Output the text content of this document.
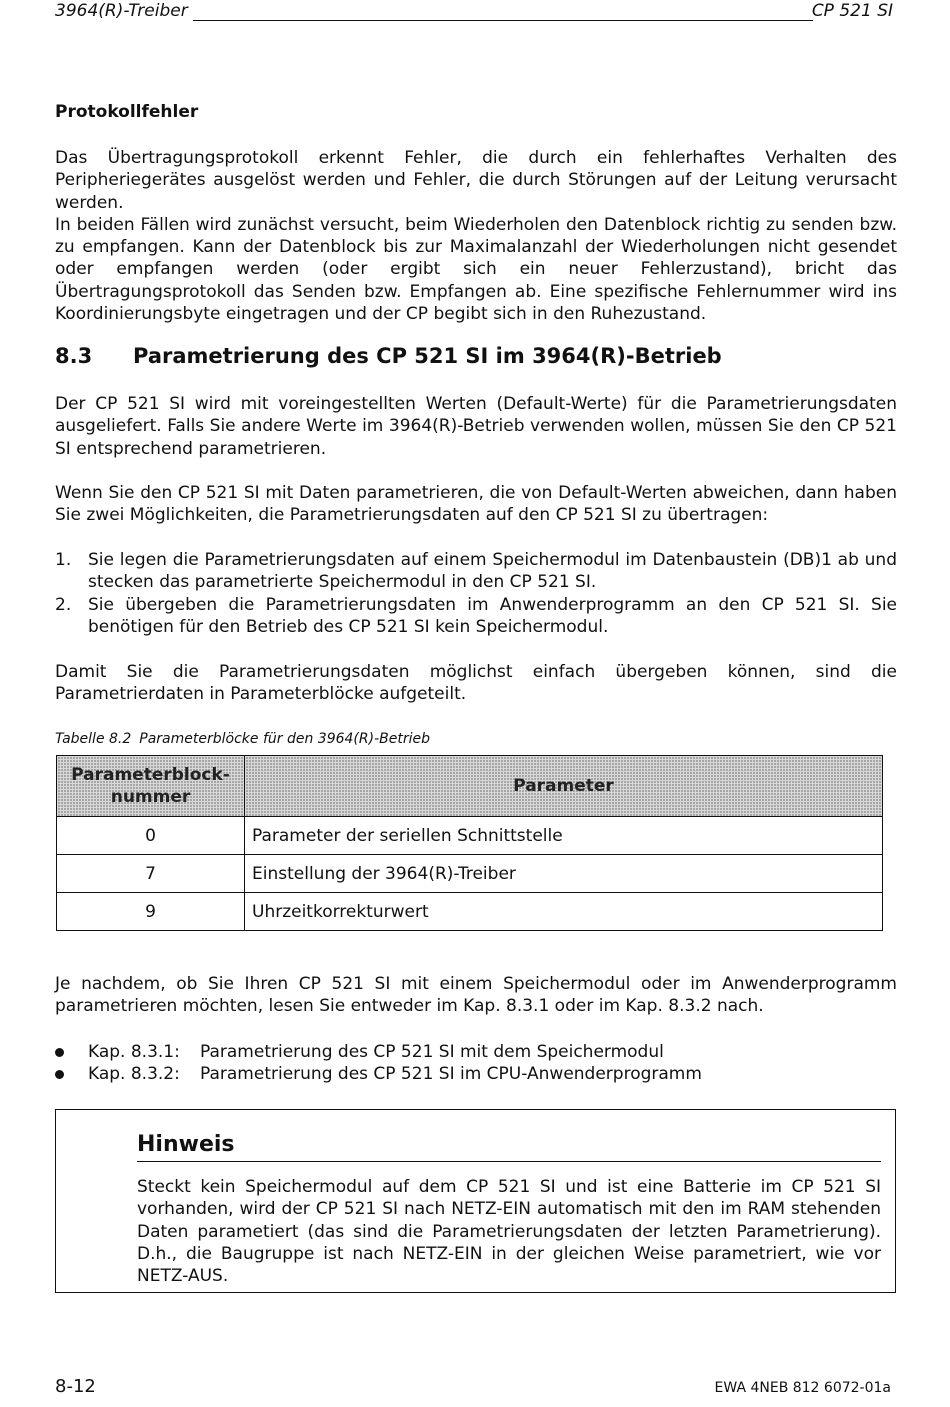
3964(R)-Treiber	CP 521 SI
Protokollfehler

Das Übertragungsprotokoll erkennt Fehler, die durch ein fehlerhaftes Verhalten des Peripheriegerätes ausgelöst werden und Fehler, die durch Störungen auf der Leitung verursacht werden.
In beiden Fällen wird zunächst versucht, beim Wiederholen den Datenblock richtig zu senden bzw. zu empfangen. Kann der Datenblock bis zur Maximalanzahl der Wiederholungen nicht gesendet oder empfangen werden (oder ergibt sich ein neuer Fehlerzustand), bricht das Übertragungsprotokoll das Senden bzw. Empfangen ab. Eine spezifische Fehlernummer wird ins Koordinierungsbyte eingetragen und der CP begibt sich in den Ruhezustand.

8.3 Parametrierung des CP 521 SI im 3964(R)-Betrieb

Der CP 521 SI wird mit voreingestellten Werten (Default-Werte) für die Parametrierungsdaten ausgeliefert. Falls Sie andere Werte im 3964(R)-Betrieb verwenden wollen, müssen Sie den CP 521 SI entsprechend parametrieren.

Wenn Sie den CP 521 SI mit Daten parametrieren, die von Default-Werten abweichen, dann haben Sie zwei Möglichkeiten, die Parametrierungsdaten auf den CP 521 SI zu übertragen:

1. Sie legen die Parametrierungsdaten auf einem Speichermodul im Datenbaustein (DB)1 ab und stecken das parametrierte Speichermodul in den CP 521 SI.
2. Sie übergeben die Parametrierungsdaten im Anwenderprogramm an den CP 521 SI. Sie benötigen für den Betrieb des CP 521 SI kein Speichermodul.

Damit Sie die Parametrierungsdaten möglichst einfach übergeben können, sind die Parametrierdaten in Parameterblöcke aufgeteilt.

Tabelle 8.2 Parameterblöcke für den 3964(R)-Betrieb
Parameterblock-
nummer	Parameter
0	Parameter der seriellen Schnittstelle
7	Einstellung der 3964(R)-Treiber
9	Uhrzeitkorrekturwert

Je nachdem, ob Sie Ihren CP 521 SI mit einem Speichermodul oder im Anwenderprogramm parametrieren möchten, lesen Sie entweder im Kap. 8.3.1 oder im Kap. 8.3.2 nach.

Kap. 8.3.1: Parametrierung des CP 521 SI mit dem Speichermodul
Kap. 8.3.2: Parametrierung des CP 521 SI im CPU-Anwenderprogramm
Hinweis

Steckt kein Speichermodul auf dem CP 521 SI und ist eine Batterie im CP 521 SI vorhanden, wird der CP 521 SI nach NETZ-EIN automatisch mit den im RAM stehenden Daten parametiert (das sind die Parametrierungsdaten der letzten Parametrierung). D.h., die Baugruppe ist nach NETZ-EIN in der gleichen Weise parametriert, wie vor NETZ-AUS.

8-12	EWA 4NEB 812 6072-01a
